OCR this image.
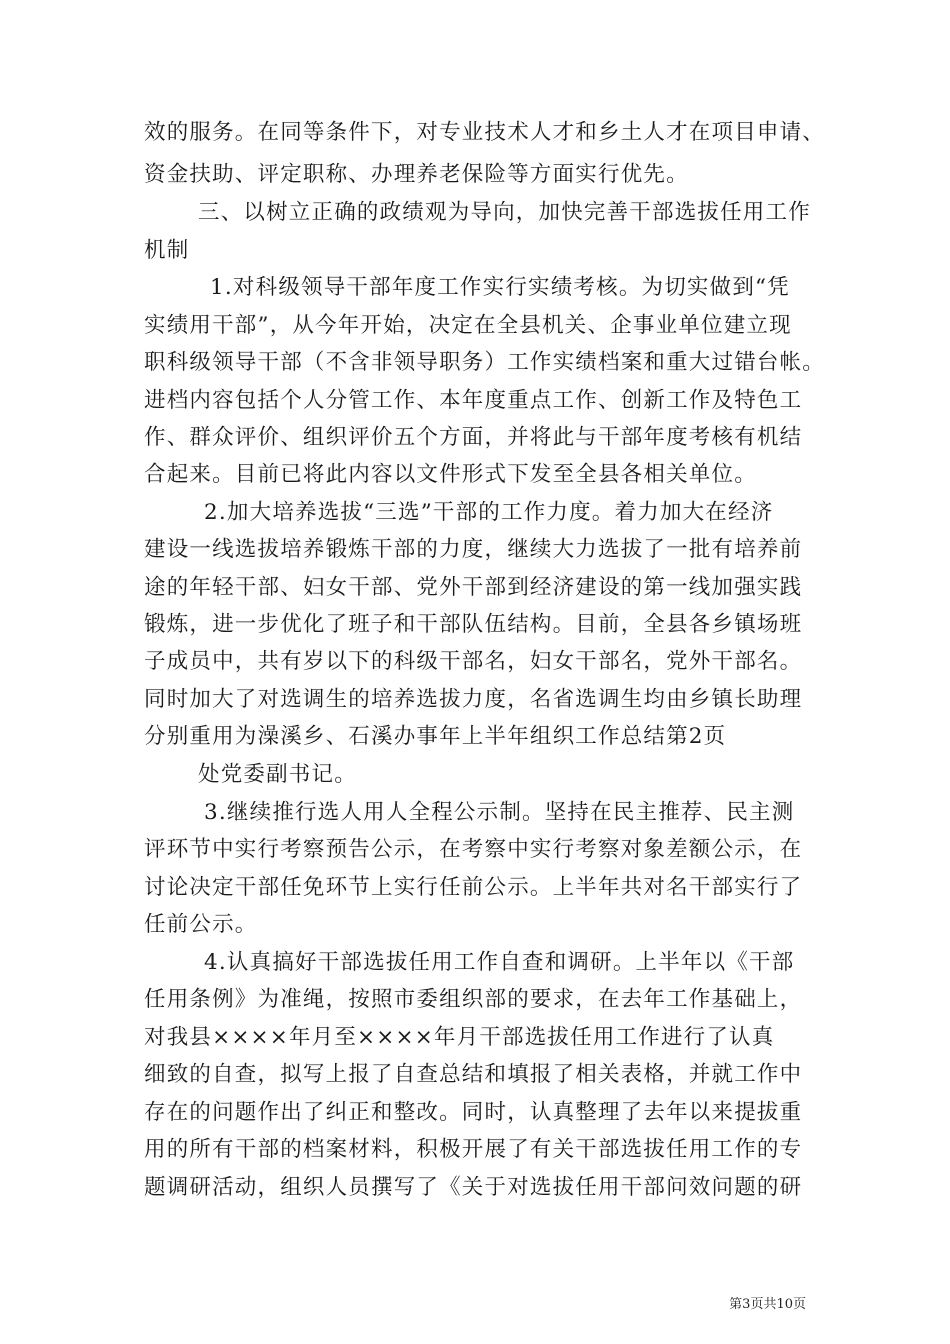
效的服务。在同等条件下，对专业技术人才和乡土人才在项目申请、
资金扶助、评定职称、办理养老保险等方面实行优先。
三、以树立正确的政绩观为导向，加快完善干部选拔任用工作
机制
1.对科级领导干部年度工作实行实绩考核。为切实做到“凭
实绩用干部”，从今年开始，决定在全县机关、企事业单位建立现
职科级领导干部（不含非领导职务）工作实绩档案和重大过错台帐。
进档内容包括个人分管工作、本年度重点工作、创新工作及特色工
作、群众评价、组织评价五个方面，并将此与干部年度考核有机结
合起来。目前已将此内容以文件形式下发至全县各相关单位。
2.加大培养选拔“三选”干部的工作力度。着力加大在经济
建设一线选拔培养锻炼干部的力度，继续大力选拔了一批有培养前
途的年轻干部、妇女干部、党外干部到经济建设的第一线加强实践
锻炼，进一步优化了班子和干部队伍结构。目前，全县各乡镇场班
子成员中，共有岁以下的科级干部名，妇女干部名，党外干部名。
同时加大了对选调生的培养选拔力度，名省选调生均由乡镇长助理
分别重用为澡溪乡、石溪办事年上半年组织工作总结第2页
处党委副书记。
3.继续推行选人用人全程公示制。坚持在民主推荐、民主测
评环节中实行考察预告公示，在考察中实行考察对象差额公示，在
讨论决定干部任免环节上实行任前公示。上半年共对名干部实行了
任前公示。
4.认真搞好干部选拔任用工作自查和调研。上半年以《干部
任用条例》为准绳，按照市委组织部的要求，在去年工作基础上，
对我县××××年月至××××年月干部选拔任用工作进行了认真
细致的自查，拟写上报了自查总结和填报了相关表格，并就工作中
存在的问题作出了纠正和整改。同时，认真整理了去年以来提拔重
用的所有干部的档案材料，积极开展了有关干部选拔任用工作的专
题调研活动，组织人员撰写了《关于对选拔任用干部问效问题的研
第3页共10页
